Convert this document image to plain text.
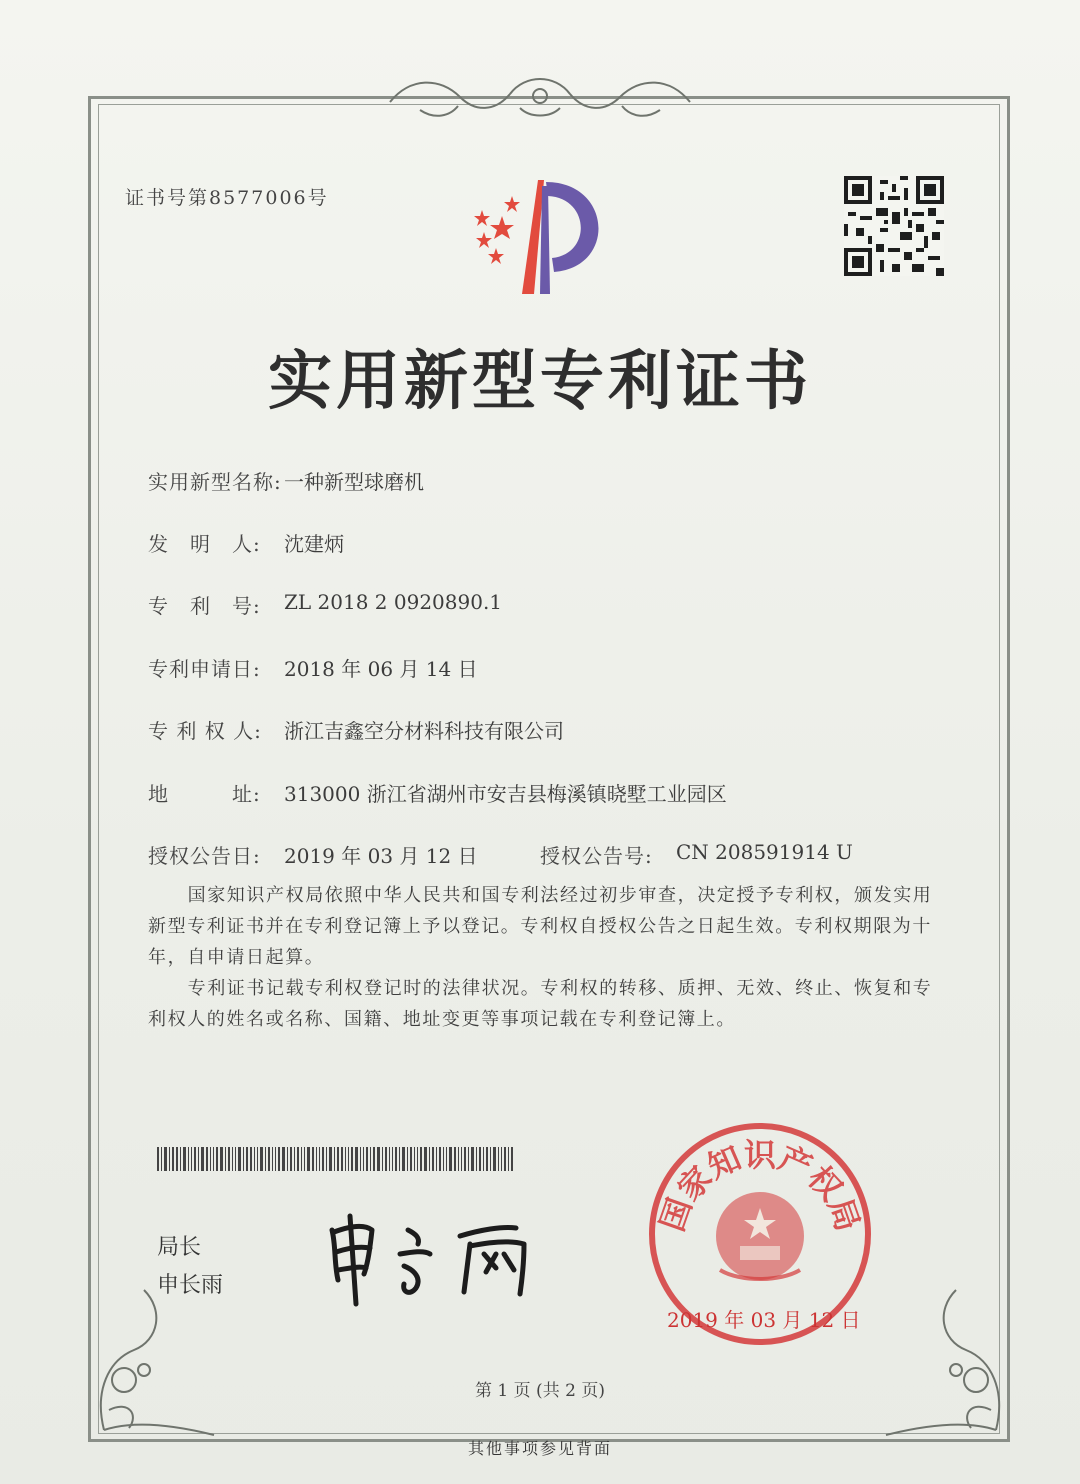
证书号第8577006号
实用新型专利证书
实用新型名称: 一种新型球磨机
发　明　人: 沈建炳
专　利　号: ZL 2018 2 0920890.1
专利申请日: 2018 年 06 月 14 日
专 利 权 人: 浙江吉鑫空分材料科技有限公司
地　　　址: 313000 浙江省湖州市安吉县梅溪镇晓墅工业园区
授权公告日: 2019 年 03 月 12 日	授权公告号: CN 208591914 U

国家知识产权局依照中华人民共和国专利法经过初步审查，决定授予专利权，颁发实用新型专利证书并在专利登记簿上予以登记。专利权自授权公告之日起生效。专利权期限为十年，自申请日起算。

专利证书记载专利权登记时的法律状况。专利权的转移、质押、无效、终止、恢复和专利权人的姓名或名称、国籍、地址变更等事项记载在专利登记簿上。

局长
申长雨
国家知识产权局
2019 年 03 月 12 日
第 1 页 (共 2 页)
其他事项参见背面
